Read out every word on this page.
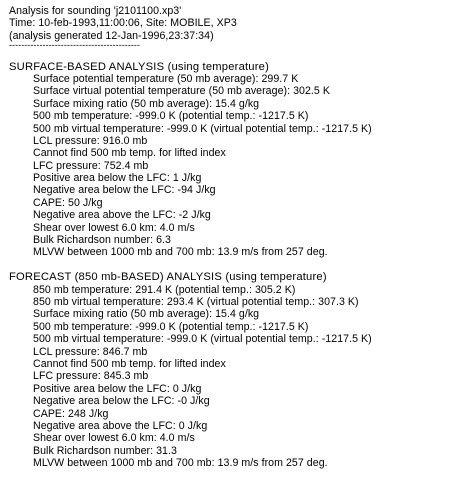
Analysis for sounding 'j2101100.xp3'
Time: 10-feb-1993,11:00:06, Site: MOBILE, XP3
(analysis generated 12-Jan-1996,23:37:34)
-------------------------------------------
SURFACE-BASED ANALYSIS (using temperature)
Surface potential temperature (50 mb average): 299.7 K
Surface virtual potential temperature (50 mb average): 302.5 K
Surface mixing ratio (50 mb average): 15.4 g/kg
500 mb temperature: -999.0 K (potential temp.: -1217.5 K)
500 mb virtual temperature: -999.0 K (virtual potential temp.: -1217.5 K)
LCL pressure: 916.0 mb
Cannot find 500 mb temp. for lifted index
LFC pressure: 752.4 mb
Positive area below the LFC: 1 J/kg
Negative area below the LFC: -94 J/kg
CAPE: 50 J/kg
Negative area above the LFC: -2 J/kg
Shear over lowest 6.0 km: 4.0 m/s
Bulk Richardson number: 6.3
MLVW between 1000 mb and 700 mb: 13.9 m/s from 257 deg.
FORECAST (850 mb-BASED) ANALYSIS (using temperature)
850 mb temperature: 291.4 K (potential temp.: 305.2 K)
850 mb virtual temperature: 293.4 K (virtual potential temp.: 307.3 K)
Surface mixing ratio (50 mb average): 15.4 g/kg
500 mb temperature: -999.0 K (potential temp.: -1217.5 K)
500 mb virtual temperature: -999.0 K (virtual potential temp.: -1217.5 K)
LCL pressure: 846.7 mb
Cannot find 500 mb temp. for lifted index
LFC pressure: 845.3 mb
Positive area below the LFC: 0 J/kg
Negative area below the LFC: -0 J/kg
CAPE: 248 J/kg
Negative area above the LFC: 0 J/kg
Shear over lowest 6.0 km: 4.0 m/s
Bulk Richardson number: 31.3
MLVW between 1000 mb and 700 mb: 13.9 m/s from 257 deg.
